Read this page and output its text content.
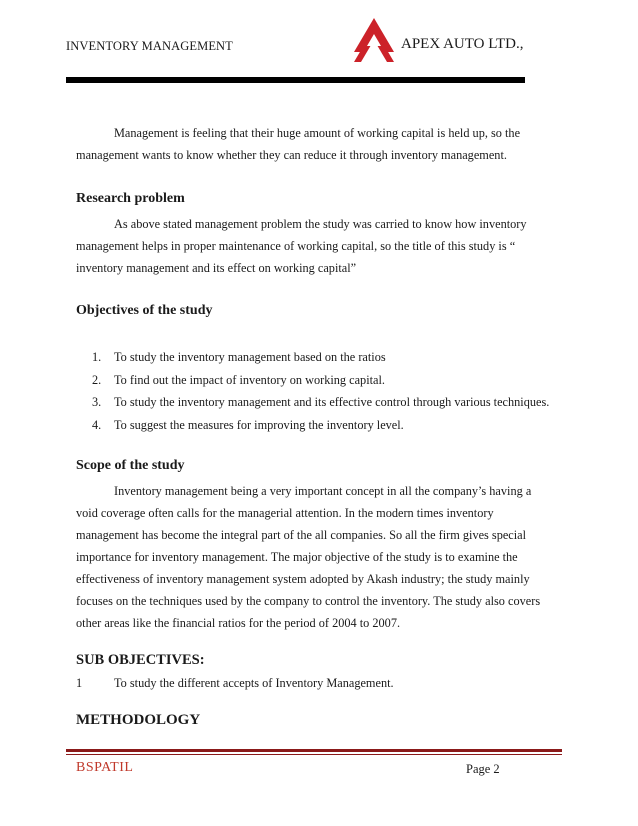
INVENTORY MANAGEMENT	APEX AUTO LTD.,
Management is feeling that their huge amount of working capital is held up, so the management wants to know whether they can reduce it through inventory management.
Research problem
As above stated management problem the study was carried to know how inventory management helps in proper maintenance of working capital, so the title of this study is “ inventory management and its effect on working capital”
Objectives of the study
1. To study the inventory management based on the ratios
2. To find out the impact of inventory on working capital.
3. To study the inventory management and its effective control through various techniques.
4. To suggest the measures for improving the inventory level.
Scope of the study
Inventory management being a very important concept in all the company’s having a void coverage often calls for the managerial attention. In the modern times inventory management has become the integral part of the all companies. So all the firm gives special importance for inventory management. The major objective of the study is to examine the effectiveness of inventory management system adopted by Akash industry; the study mainly focuses on the techniques used by the company to control the inventory. The study also covers other areas like the financial ratios for the period of 2004 to 2007.
SUB OBJECTIVES:
1	To study the different accepts of Inventory Management.
METHODOLOGY
BSPATIL	Page 2
